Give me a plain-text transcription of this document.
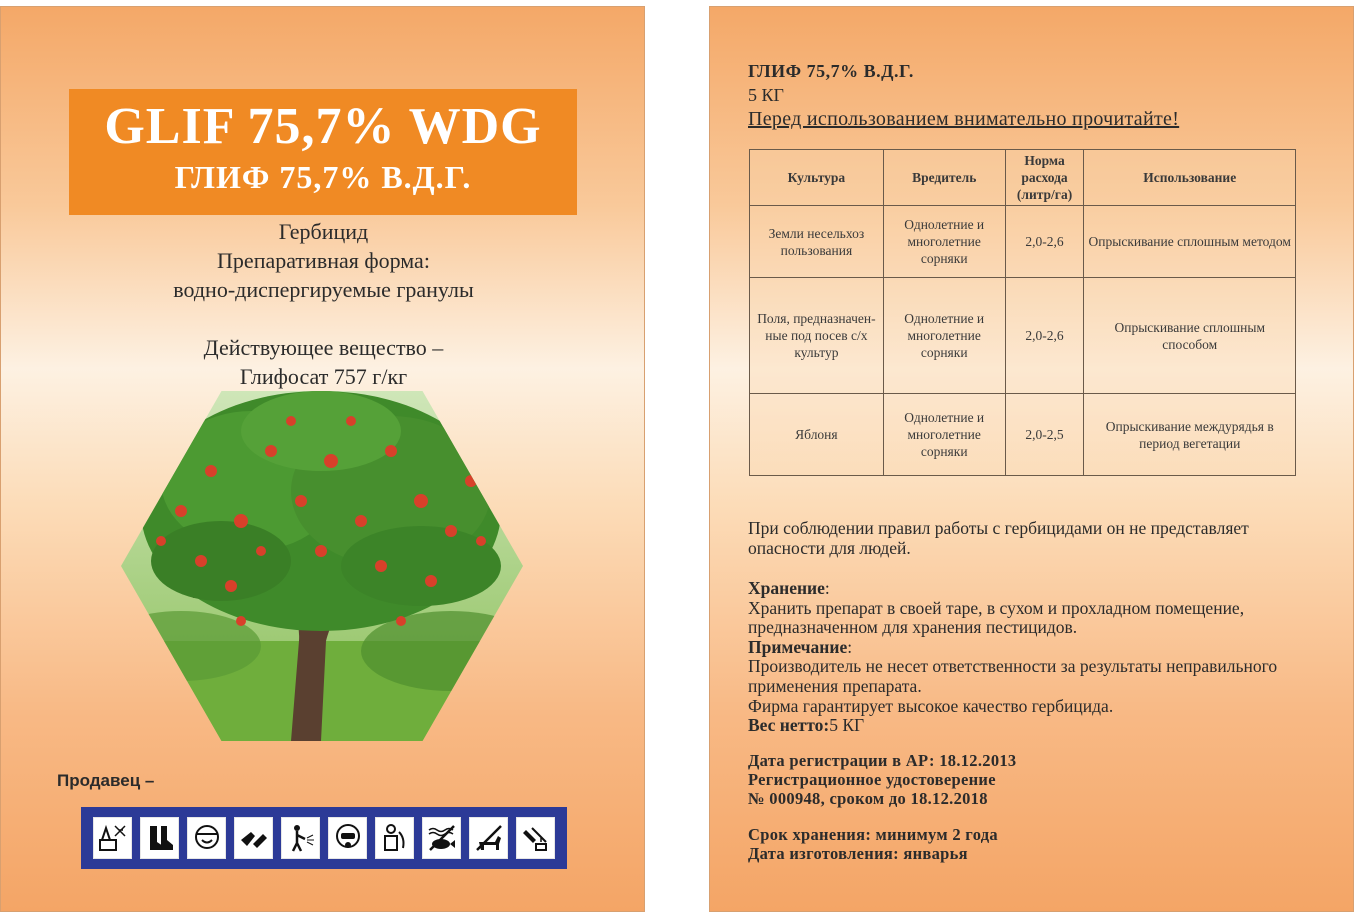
GLIF 75,7% WDG
ГЛИФ 75,7% В.Д.Г.
Гербицид
Препаративная форма:
водно-диспергируемые гранулы
Действующее вещество –
Глифосат 757 г/кг
Продавец –
ГЛИФ 75,7% В.Д.Г.
5 КГ
Перед использованием внимательно прочитайте!
Культура	Вредитель	Норма расхода (литр/га)	Использование
Земли несельхоз пользования	Однолетние и многолетние сорняки	2,0-2,6	Опрыскивание сплошным методом
Поля, предназначен-ные под посев с/х культур	Однолетние и многолетние сорняки	2,0-2,6	Опрыскивание сплошным способом
Яблоня	Однолетние и многолетние сорняки	2,0-2,5	Опрыскивание междурядья в период вегетации
При соблюдении правил работы с гербицидами он не представляет опасности для людей.
Хранение:
Хранить препарат в своей таре, в сухом и прохладном помещение, предназначенном для хранения пестицидов.
Примечание:
Производитель не несет ответственности за результаты неправильного применения препарата.
Фирма гарантирует высокое качество гербицида.
Вес нетто:5 КГ
Дата регистрации в АР: 18.12.2013
Регистрационное удостоверение
№ 000948, сроком до 18.12.2018
Срок хранения: минимум 2 года
Дата изготовления: январья
